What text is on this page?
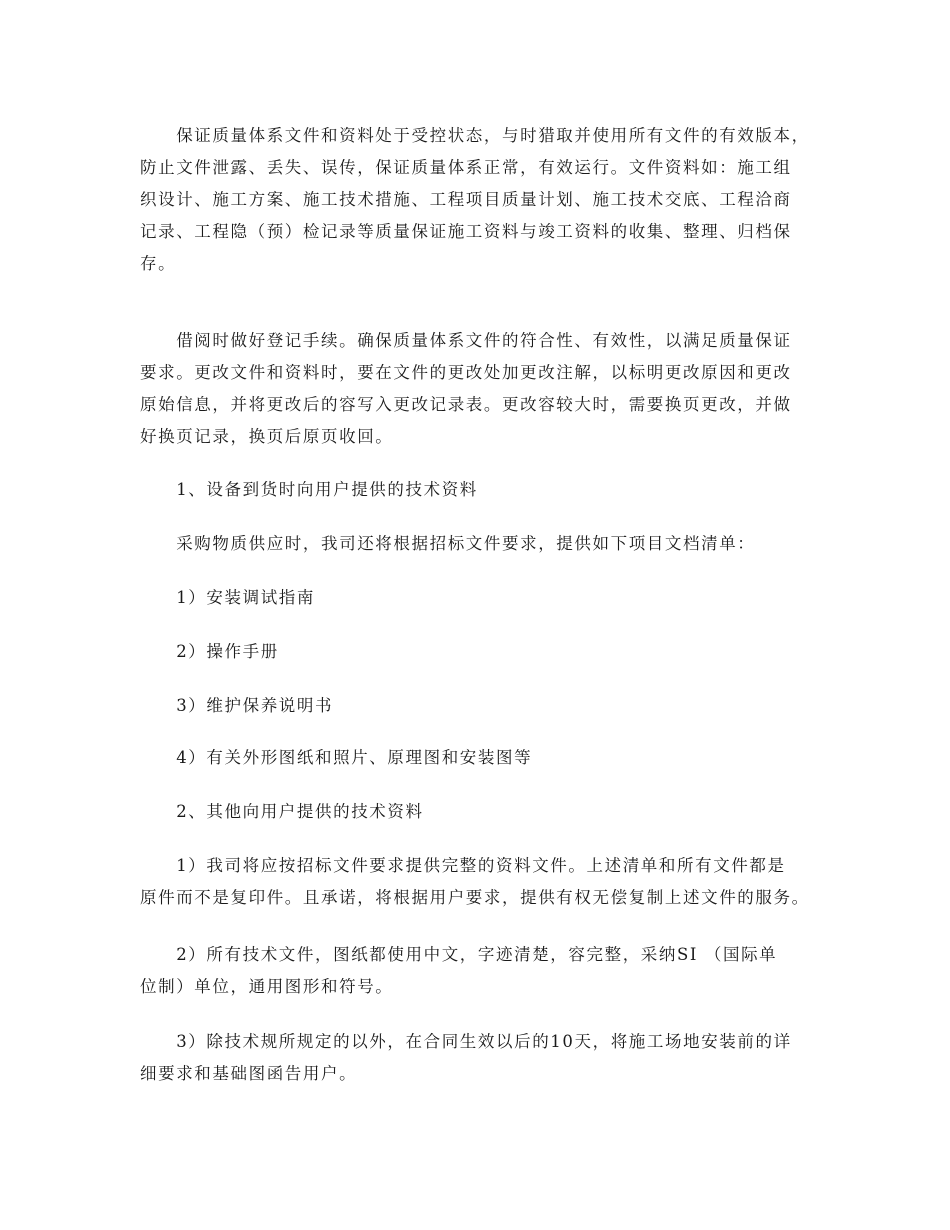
　　保证质量体系文件和资料处于受控状态，与时猎取并使用所有文件的有效版本，
防止文件泄露、丢失、误传，保证质量体系正常，有效运行。文件资料如：施工组
织设计、施工方案、施工技术措施、工程项目质量计划、施工技术交底、工程洽商
记录、工程隐（预）检记录等质量保证施工资料与竣工资料的收集、整理、归档保
存。
　　借阅时做好登记手续。确保质量体系文件的符合性、有效性，以满足质量保证
要求。更改文件和资料时，要在文件的更改处加更改注解，以标明更改原因和更改
原始信息，并将更改后的容写入更改记录表。更改容较大时，需要换页更改，并做
好换页记录，换页后原页收回。
　　1、设备到货时向用户提供的技术资料
　　采购物质供应时，我司还将根据招标文件要求，提供如下项目文档清单：
　　1）安装调试指南
　　2）操作手册
　　3）维护保养说明书
　　4）有关外形图纸和照片、原理图和安装图等
　　2、其他向用户提供的技术资料
　　1）我司将应按招标文件要求提供完整的资料文件。上述清单和所有文件都是
原件而不是复印件。且承诺，将根据用户要求，提供有权无偿复制上述文件的服务。
　　2）所有技术文件，图纸都使用中文，字迹清楚，容完整，采纳SI （国际单
位制）单位，通用图形和符号。
　　3）除技术规所规定的以外，在合同生效以后的10天，将施工场地安装前的详
细要求和基础图函告用户。
